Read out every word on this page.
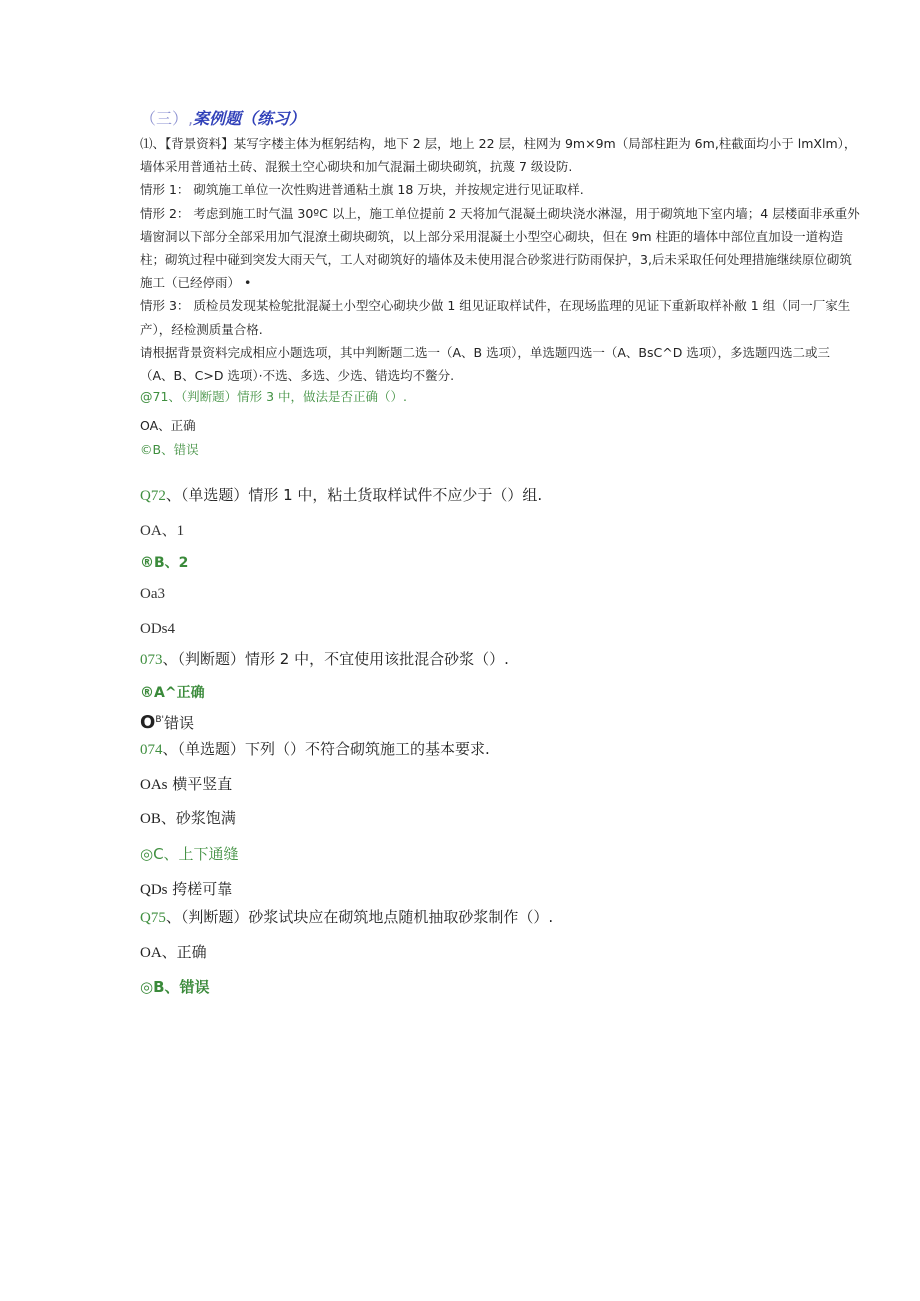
（三）,案例题（练习）

⑴、【背景资料】某写字楼主体为框躬结构，地下 2 层，地上 22 层，柱网为 9m×9m（局部柱距为 6m,柱截面均小于 lmXlm），墙体采用普通祜土砖、混猴土空心砌块和加气混漏土砌块砌筑，抗蔑 7 级设防.

情形 1： 砌筑施工单位一次性购进普通粘土旗 18 万块，并按规定进行见证取样.

情形 2： 考虑到施工时气温 30ºC 以上，施工单位提前 2 天将加气混凝土砌块浇水淋湿，用于砌筑地下室内墙；4 层楼面非承重外墙窗洞以下部分全部采用加气混潦土砌块砌筑，以上部分采用混凝土小型空心砌块，但在 9m 柱距的墙体中部位直加设一道构造柱；砌筑过程中碰到突发大雨天气，工人对砌筑好的墙体及未使用混合砂浆进行防雨保护，3,后未采取任何处理措施继续原位砌筑施工（已经停雨） •

情形 3： 质检员发现某检鸵批混凝土小型空心砌块少做 1 组见证取样试件，在现场监理的见证下重新取样补敝 1 组（同一厂家生产），经检测质量合格.

请根据背景资料完成相应小题选项，其中判断题二选一（A、B 选项），单选题四选一（A、BsC^D 选项），多选题四选二或三（A、B、C>D 选项）·不选、多选、少选、错选均不鳖分.

@71、（判断题）情形 3 中，做法是否正确（）.
OA、正确
©B、错误
Q72、（单选题）情形 1 中，粘土货取样试件不应少于（）组.
OA、1
®B、2
Oa3
ODs4
073、（判断题）情形 2 中，不宜使用该批混合砂浆（）.
®A^正确
$O^{B'}$错误
074、（单选题）下列（）不符合砌筑施工的基本要求.
OAs 横平竖直
OB、砂浆饱满
◎C、上下通缝
QDs 挎槎可靠
Q75、（判断题）砂浆试块应在砌筑地点随机抽取砂浆制作（）.
OA、正确
◎B、错误
